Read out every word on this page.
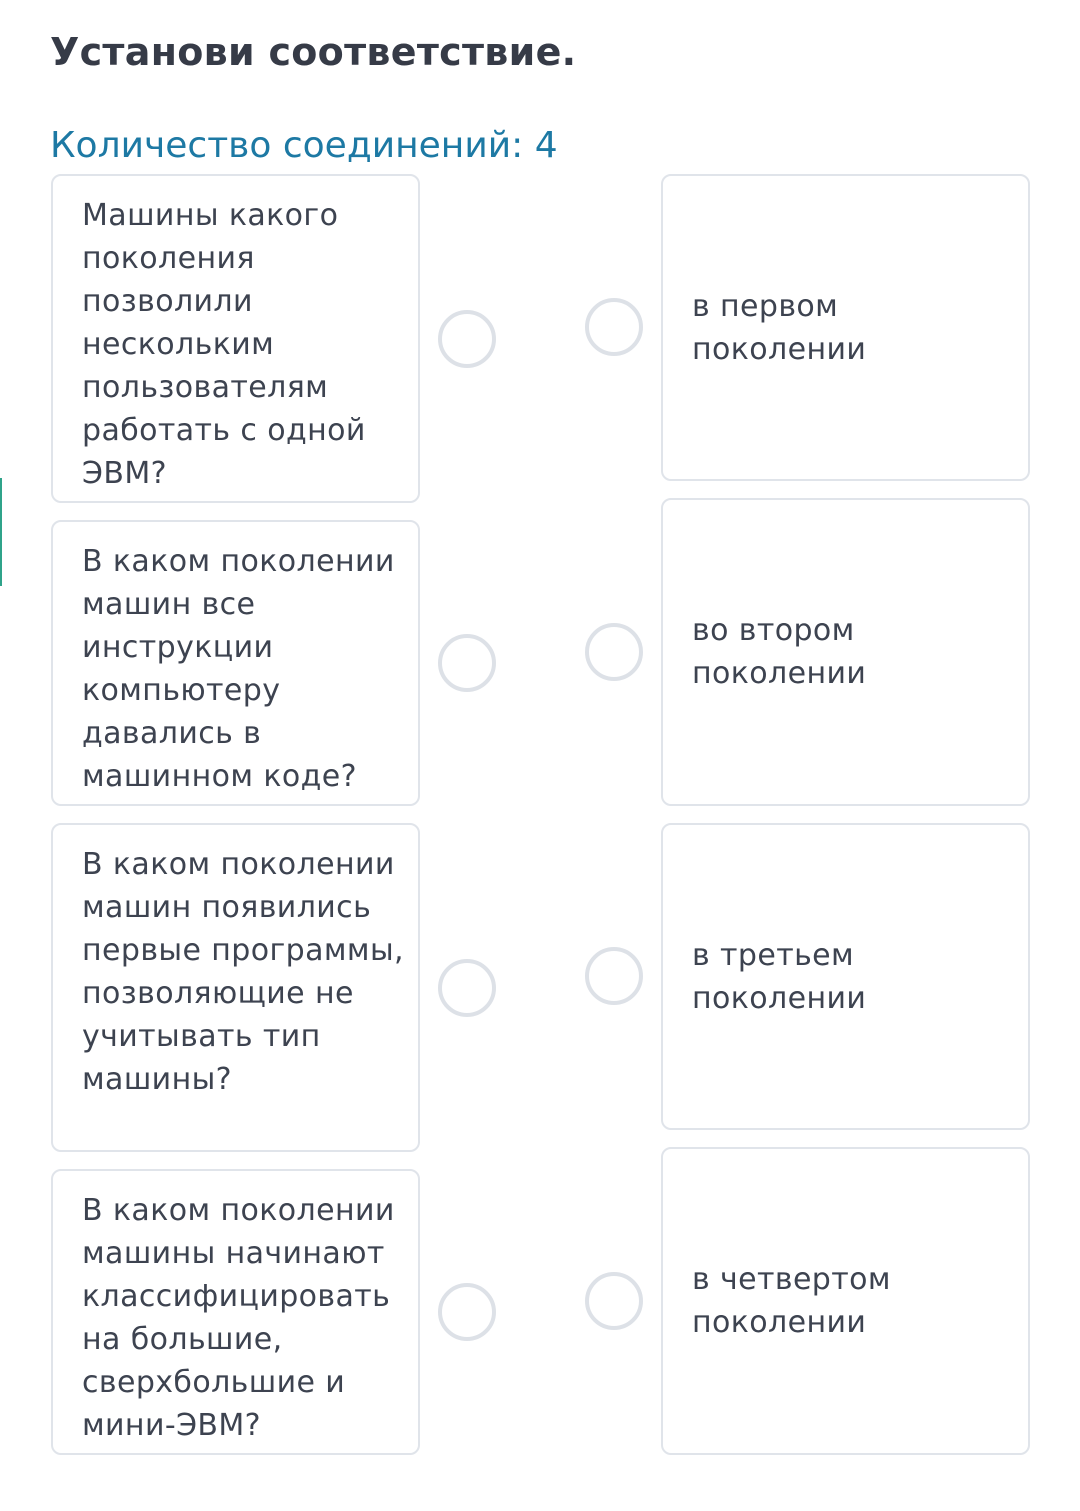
Установи соответствие.
Количество соединений: 4
Машины какого поколения позволили нескольким пользователям работать с одной ЭВМ?
В каком поколении машин все инструкции компьютеру давались в машинном коде?
В каком поколении машин появились первые программы, позволяющие не учитывать тип машины?
В каком поколении машины начинают классифицировать на большие, сверхбольшие и мини-ЭВМ?
в первом поколении
во втором поколении
в третьем поколении
в четвертом поколении
